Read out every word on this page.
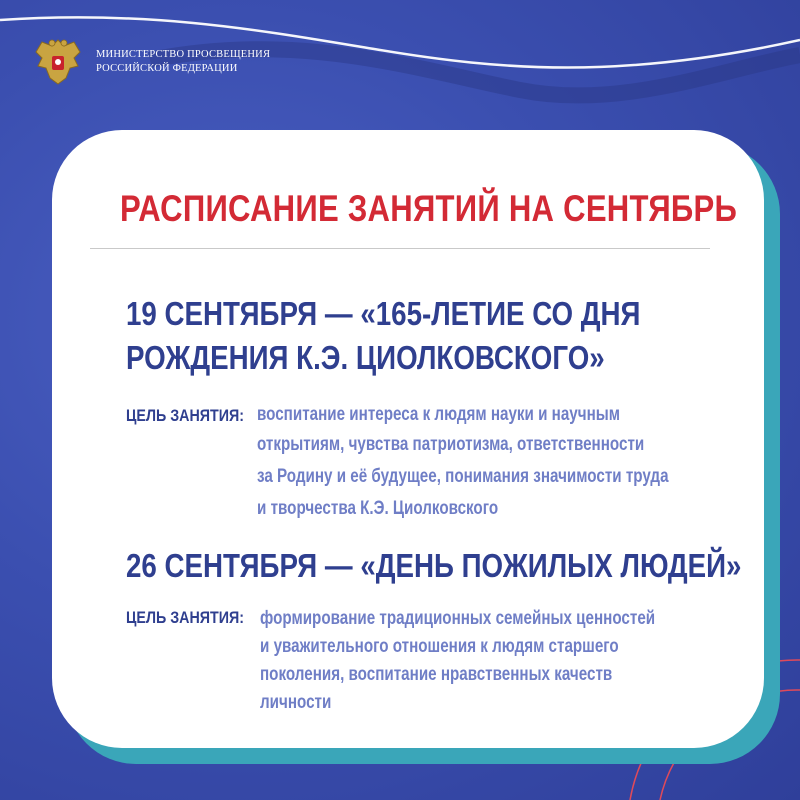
МИНИСТЕРСТВО ПРОСВЕЩЕНИЯ
РОССИЙСКОЙ ФЕДЕРАЦИИ
РАСПИСАНИЕ ЗАНЯТИЙ НА СЕНТЯБРЬ
19 СЕНТЯБРЯ — «165-ЛЕТИЕ СО ДНЯ
РОЖДЕНИЯ К.Э. ЦИОЛКОВСКОГО»
ЦЕЛЬ ЗАНЯТИЯ: воспитание интереса к людям науки и научным
открытиям, чувства патриотизма, ответственности
за Родину и её будущее, понимания значимости труда
и творчества К.Э. Циолковского
26 СЕНТЯБРЯ — «ДЕНЬ ПОЖИЛЫХ ЛЮДЕЙ»
ЦЕЛЬ ЗАНЯТИЯ: формирование традиционных семейных ценностей
и уважительного отношения к людям старшего
поколения, воспитание нравственных качеств
личности
